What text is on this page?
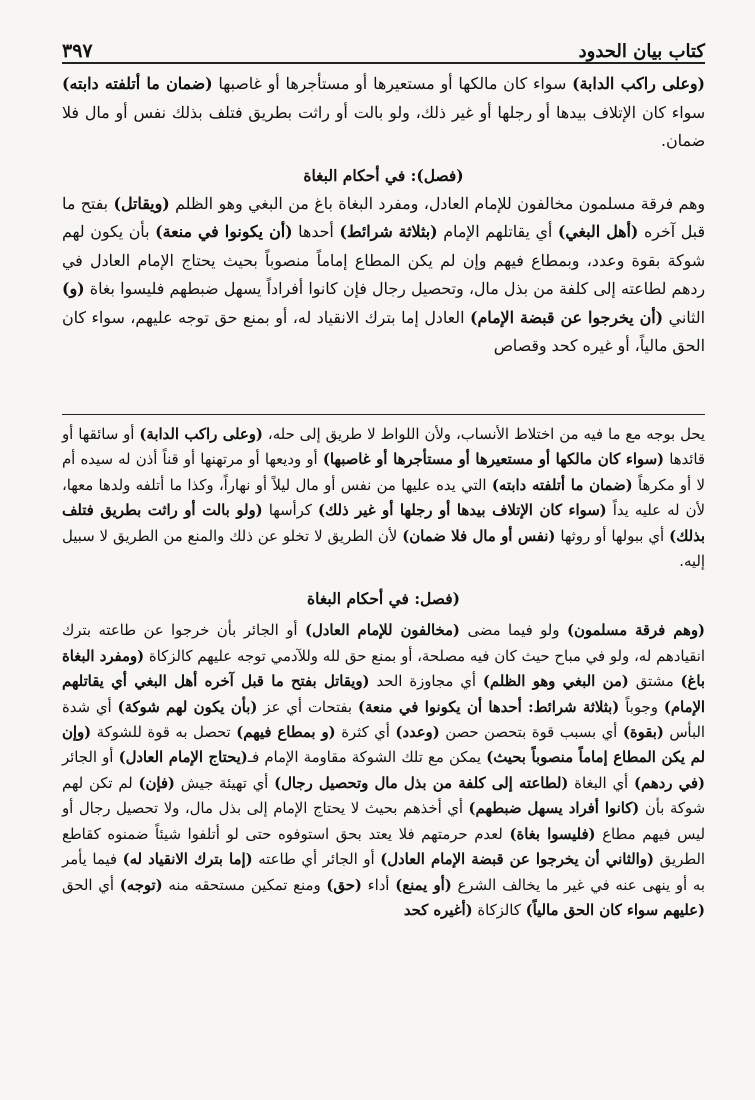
٣٩٧	كتاب بيان الحدود

(وعلى راكب الدابة) سواء كان مالكها أو مستعيرها أو مستأجرها أو غاصبها (ضمان ما أتلفته دابته) سواء كان الإتلاف بيدها أو رجلها أو غير ذلك، ولو بالت أو راثت بطريق فتلف بذلك نفس أو مال فلا ضمان.

(فصل): في أحكام البغاة

وهم فرقة مسلمون مخالفون للإمام العادل، ومفرد البغاة باغ من البغي وهو الظلم (ويقاتل) بفتح ما قبل آخره (أهل البغي) أي يقاتلهم الإمام (بثلاثة شرائط) أحدها (أن يكونوا في منعة) بأن يكون لهم شوكة بقوة وعدد، وبمطاع فيهم وإن لم يكن المطاع إماماً منصوباً بحيث يحتاج الإمام العادل في ردهم لطاعته إلى كلفة من بذل مال، وتحصيل رجال فإن كانوا أفراداً يسهل ضبطهم فليسوا بغاة (و) الثاني (أن يخرجوا عن قبضة الإمام) العادل إما بترك الانقياد له، أو بمنع حق توجه عليهم، سواء كان الحق مالياً، أو غيره كحد وقصاص

يحل بوجه مع ما فيه من اختلاط الأنساب، ولأن اللواط لا طريق إلى حله، (وعلى راكب الدابة) أو سائقها أو قائدها (سواء كان مالكها أو مستعيرها أو مستأجرها أو غاصبها) أو وديعها أو مرتهنها أو قناً أذن له سيده أم لا أو مكرهاً (ضمان ما أتلفته دابته) التي يده عليها من نفس أو مال ليلاً أو نهاراً، وكذا ما أتلفه ولدها معها، لأن له عليه يداً (سواء كان الإتلاف بيدها أو رجلها أو غير ذلك) كرأسها (ولو بالت أو راثت بطريق فتلف بذلك) أي ببولها أو روثها (نفس أو مال فلا ضمان) لأن الطريق لا تخلو عن ذلك والمنع من الطريق لا سبيل إليه.

(فصل: في أحكام البغاة

(وهم فرقة مسلمون) ولو فيما مضى (مخالفون للإمام العادل) أو الجائر بأن خرجوا عن طاعته بترك انقيادهم له، ولو في مباح حيث كان فيه مصلحة، أو بمنع حق لله وللآدمي توجه عليهم كالزكاة (ومفرد البغاة باغ) مشتق (من البغي وهو الظلم) أي مجاوزة الحد (ويقاتل بفتح ما قبل آخره أهل البغي أي يقاتلهم الإمام) وجوباً (بثلاثة شرائط: أحدها أن يكونوا في منعة) بفتحات أي عز (بأن يكون لهم شوكة) أي شدة البأس (بقوة) أي بسبب قوة بتحصن حصن (وعدد) أي كثرة (و بمطاع فيهم) تحصل به قوة للشوكة (وإن لم يكن المطاع إماماً منصوباً بحيث) يمكن مع تلك الشوكة مقاومة الإمام فـ(يحتاج الإمام العادل) أو الجائر (في ردهم) أي البغاة (لطاعته إلى كلفة من بذل مال وتحصيل رجال) أي تهيئة جيش (فإن) لم تكن لهم شوكة بأن (كانوا أفراد يسهل ضبطهم) أي أخذهم بحيث لا يحتاج الإمام إلى بذل مال، ولا تحصيل رجال أو ليس فيهم مطاع (فليسوا بغاة) لعدم حرمتهم فلا يعتد بحق استوفوه حتى لو أتلفوا شيئاً ضمنوه كقاطع الطريق (والثاني أن يخرجوا عن قبضة الإمام العادل) أو الجائر أي طاعته (إما بترك الانقياد له) فيما يأمر به أو ينهى عنه في غير ما يخالف الشرع (أو يمنع) أداء (حق) ومنع تمكين مستحقه منه (توجه) أي الحق (عليهم سواء كان الحق مالياً) كالزكاة (أغيره كحد
